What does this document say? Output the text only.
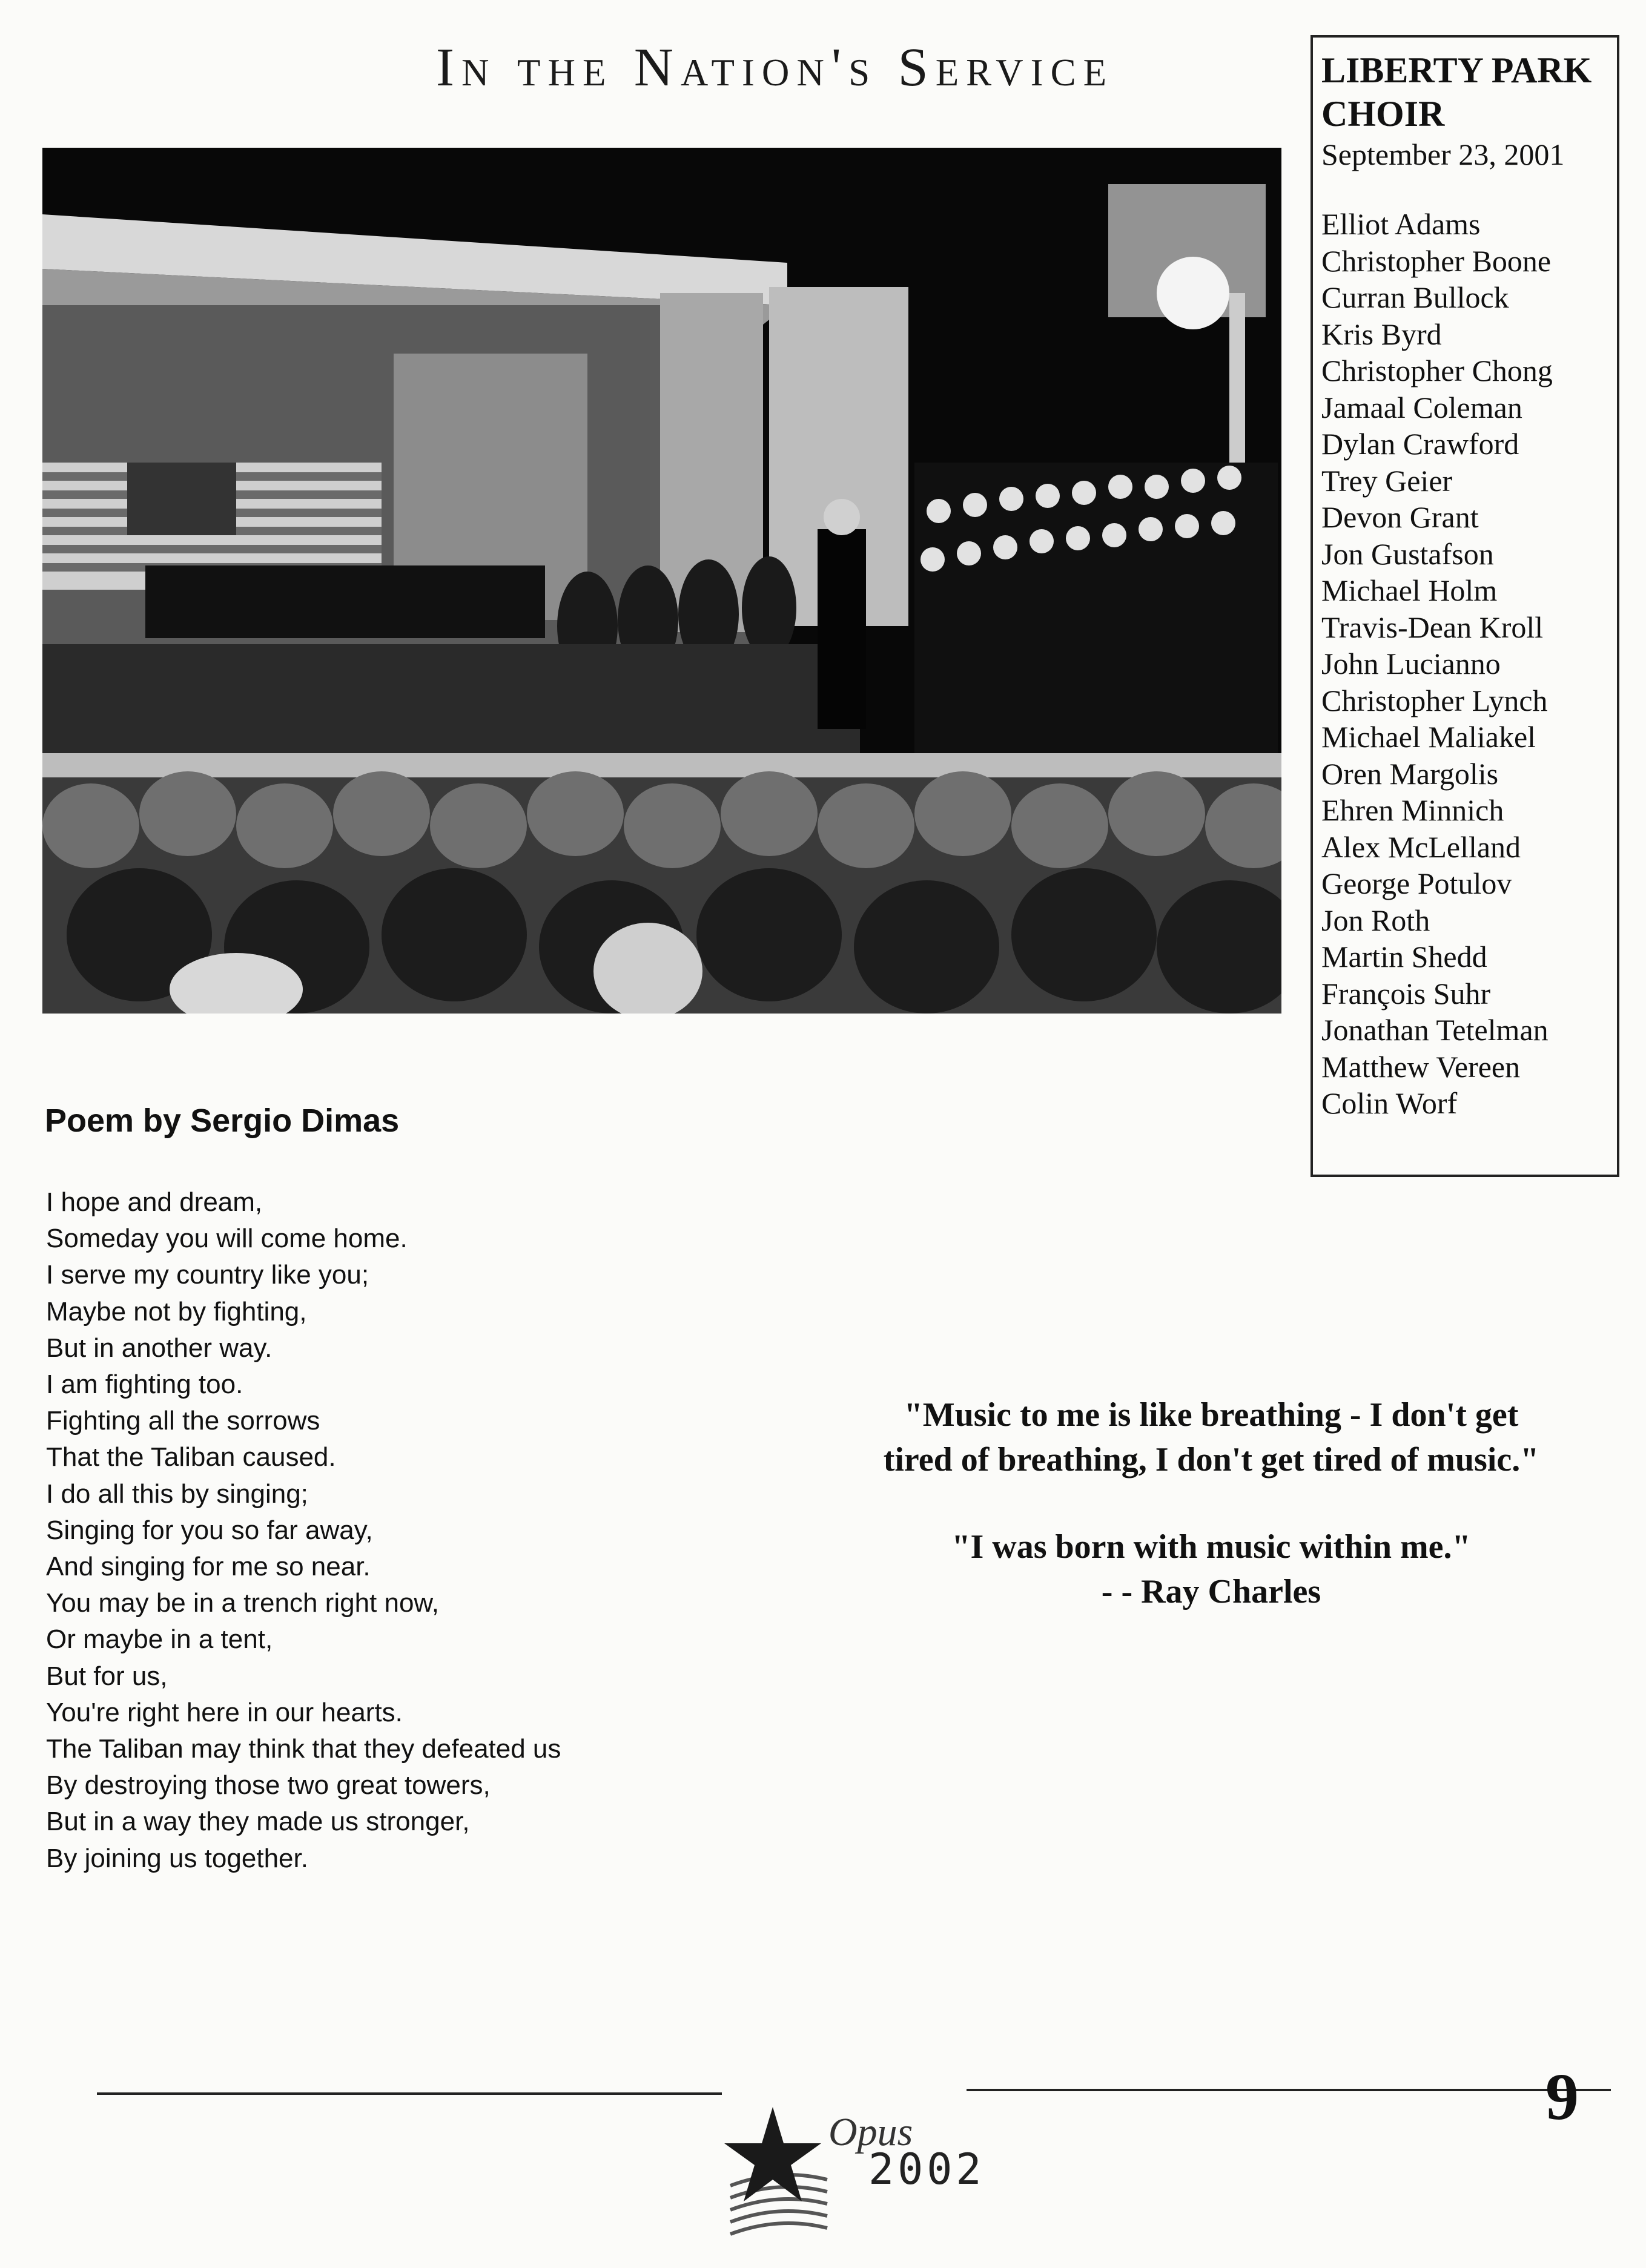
In the Nation's Service	LIBERTY PARK CHOIR
September 23, 2001
Elliot Adams
Christopher Boone
Curran Bullock
Kris Byrd
Christopher Chong
Jamaal Coleman
Dylan Crawford
Trey Geier
Devon Grant
Jon Gustafson
Michael Holm
Travis-Dean Kroll
John Lucianno
Christopher Lynch
Michael Maliakel
Oren Margolis
Ehren Minnich
Alex McLelland
George Potulov
Jon Roth
Martin Shedd
François Suhr
Jonathan Tetelman
Matthew Vereen
Colin Worf
Poem by Sergio Dimas
I hope and dream,
Someday you will come home.
I serve my country like you;
Maybe not by fighting,
But in another way.
I am fighting too.
Fighting all the sorrows
That the Taliban caused.
I do all this by singing;
Singing for you so far away,
And singing for me so near.
You may be in a trench right now,
Or maybe in a tent,
But for us,
You're right here in our hearts.
The Taliban may think that they defeated us
By destroying those two great towers,
But in a way they made us stronger,
By joining us together.

"Music to me is like breathing - I don't get

tired of breathing, I don't get tired of music."

"I was born with music within me."

- - Ray Charles

Opus
2002
9
